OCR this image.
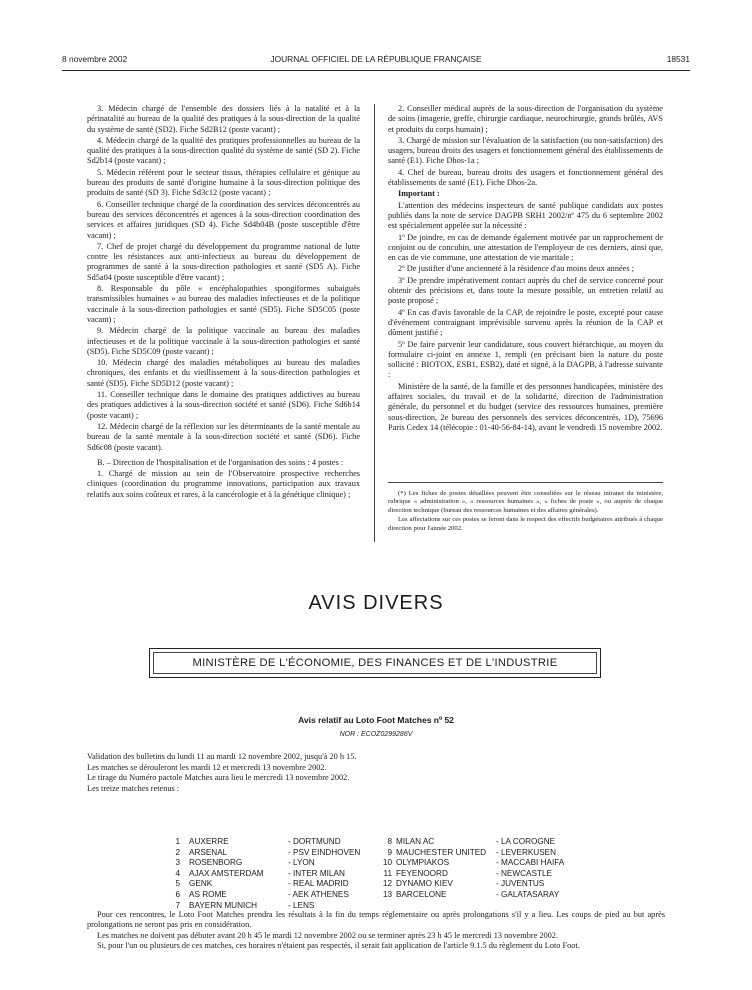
8 novembre 2002	JOURNAL OFFICIEL DE LA RÉPUBLIQUE FRANÇAISE	18531

3. Médecin chargé de l'ensemble des dossiers liés à la natalité et à la périnatalité au bureau de la qualité des pratiques à la sous-direction de la qualité du système de santé (SD2). Fiche Sd2B12 (poste vacant) ;

4. Médecin chargé de la qualité des pratiques professionnelles au bureau de la qualité des pratiques à la sous-direction qualité du système de santé (SD 2). Fiche Sd2b14 (poste vacant) ;

5. Médecin référent pour le secteur tissus, thérapies cellulaire et génique au bureau des produits de santé d'origine humaine à la sous-direction politique des produits de santé (SD 3). Fiche Sd3c12 (poste vacant) ;

6. Conseiller technique chargé de la coordination des services déconcentrés au bureau des services déconcentrés et agences à la sous-direction coordination des services et affaires juridiques (SD 4). Fiche Sd4b04B (poste susceptible d'être vacant) ;

7. Chef de projet chargé du développement du programme national de lutte contre les résistances aux anti-infectieux au bureau du développement de programmes de santé à la sous-direction pathologies et santé (SD5 A). Fiche Sd5a04 (poste susceptible d'être vacant) ;

8. Responsable du pôle « encéphalopathies spongiformes subaiguës transmissibles humaines » au bureau des maladies infectieuses et de la politique vaccinale à la sous-direction pathologies et santé (SD5). Fiche SD5C05 (poste vacant) ;

9. Médecin chargé de la politique vaccinale au bureau des maladies infectieuses et de la politique vaccinale à la sous-direction pathologies et santé (SD5). Fiche SD5C09 (poste vacant) ;

10. Médecin chargé des maladies métaboliques au bureau des maladies chroniques, des enfants et du vieillissement à la sous-direction pathologies et santé (SD5). Fiche SD5D12 (poste vacant) ;

11. Conseiller technique dans le domaine des pratiques addictives au bureau des pratiques addictives à la sous-direction société et santé (SD6). Fiche Sd6b14 (poste vacant) ;

12. Médecin chargé de la réflexion sur les déterminants de la santé mentale au bureau de la santé mentale à la sous-direction société et santé (SD6). Fiche Sd6c08 (poste vacant).

B. – Direction de l'hospitalisation et de l'organisation des soins : 4 postes :

1. Chargé de mission au sein de l'Observatoire prospective recherches cliniques (coordination du programme innovations, participation aux travaux relatifs aux soins coûteux et rares, à la cancérologie et à la génétique clinique) ;

2. Conseiller médical auprès de la sous-direction de l'organisation du système de soins (imagerie, greffe, chirurgie cardiaque, neurochirurgie, grands brûlés, AVS et produits du corps humain) ;

3. Chargé de mission sur l'évaluation de la satisfaction (ou non-satisfaction) des usagers, bureau droits des usagers et fonctionnement général des établissements de santé (E1). Fiche Dhos-1a ;

4. Chef de bureau, bureau droits des usagers et fonctionnement général des établissements de santé (E1). Fiche Dhos-2a.

Important :

L'attention des médecins inspecteurs de santé publique candidats aux postes publiés dans la note de service DAGPB SRH1 2002/nº 475 du 6 septembre 2002 est spécialement appelée sur la nécessité :

1º De joindre, en cas de demande également motivée par un rapprochement de conjoint ou de concubin, une attestation de l'employeur de ces derniers, ainsi que, en cas de vie commune, une attestation de vie maritale ;

2º De justifier d'une ancienneté à la résidence d'au moins deux années ;

3º De prendre impérativement contact auprès du chef de service concerné pour obtenir des précisions et, dans toute la mesure possible, un entretien relatif au poste proposé ;

4º En cas d'avis favorable de la CAP, de rejoindre le poste, excepté pour cause d'événement contraignant imprévisible survenu après la réunion de la CAP et dûment justifié ;

5º De faire parvenir leur candidature, sous couvert hiérarchique, au moyen du formulaire ci-joint en annexe 1, rempli (en précisant bien la nature du poste sollicité : BIOTOX, ESB1, ESB2), daté et signé, à la DAGPB, à l'adresse suivante :

Ministère de la santé, de la famille et des personnes handicapées, ministère des affaires sociales, du travail et de la solidarité, direction de l'administration générale, du personnel et du budget (service des ressources humaines, première sous-direction, 2e bureau des personnels des services déconcentrés, 1D), 75696 Paris Cedex 14 (télécopie : 01-40-56-84-14), avant le vendredi 15 novembre 2002.

(*) Les fiches de postes détaillées peuvent être consultées sur le réseau intranet du ministère, rubrique « administration », « ressources humaines », « fiches de poste », ou auprès de chaque direction technique (bureau des ressources humaines et des affaires générales).

Les affectations sur ces postes se feront dans le respect des effectifs budgétaires attribués à chaque direction pour l'année 2002.

AVIS DIVERS
MINISTÈRE DE L'ÉCONOMIE, DES FINANCES ET DE L'INDUSTRIE
Avis relatif au Loto Foot Matches nº 52
NOR : ECOZ0299286V

Validation des bulletins du lundi 11 au mardi 12 novembre 2002, jusqu'à 20 h 15.

Les matches se dérouleront les mardi 12 et mercredi 13 novembre 2002.

Le tirage du Numéro pactole Matches aura lieu le mercredi 13 novembre 2002.

Les treize matches retenus :

1 AUXERRE	- DORTMUND
2 ARSENAL	- PSV EINDHOVEN
3 ROSENBORG	- LYON
4 AJAX AMSTERDAM	- INTER MILAN
5 GENK	- REAL MADRID
6 AS ROME	- AEK ATHENES
7 BAYERN MUNICH	- LENS
8 MILAN AC	- LA COROGNE
9 MAUCHESTER UNITED - LEVERKUSEN
10 OLYMPIAKOS	- MACCABI HAIFA
11 FEYENOORD	- NEWCASTLE
12 DYNAMO KIEV	- JUVENTUS
13 BARCELONE	- GALATASARAY

Pour ces rencontres, le Loto Foot Matches prendra les résultats à la fin du temps réglementaire ou après prolongations s'il y a lieu. Les coups de pied au but après prolongations ne seront pas pris en considération.

Les matches ne doivent pas débuter avant 20 h 45 le mardi 12 novembre 2002 ou se terminer après 23 h 45 le mercredi 13 novembre 2002.

Si, pour l'un ou plusieurs de ces matches, ces horaires n'étaient pas respectés, il serait fait application de l'article 9.1.5 du règlement du Loto Foot.
